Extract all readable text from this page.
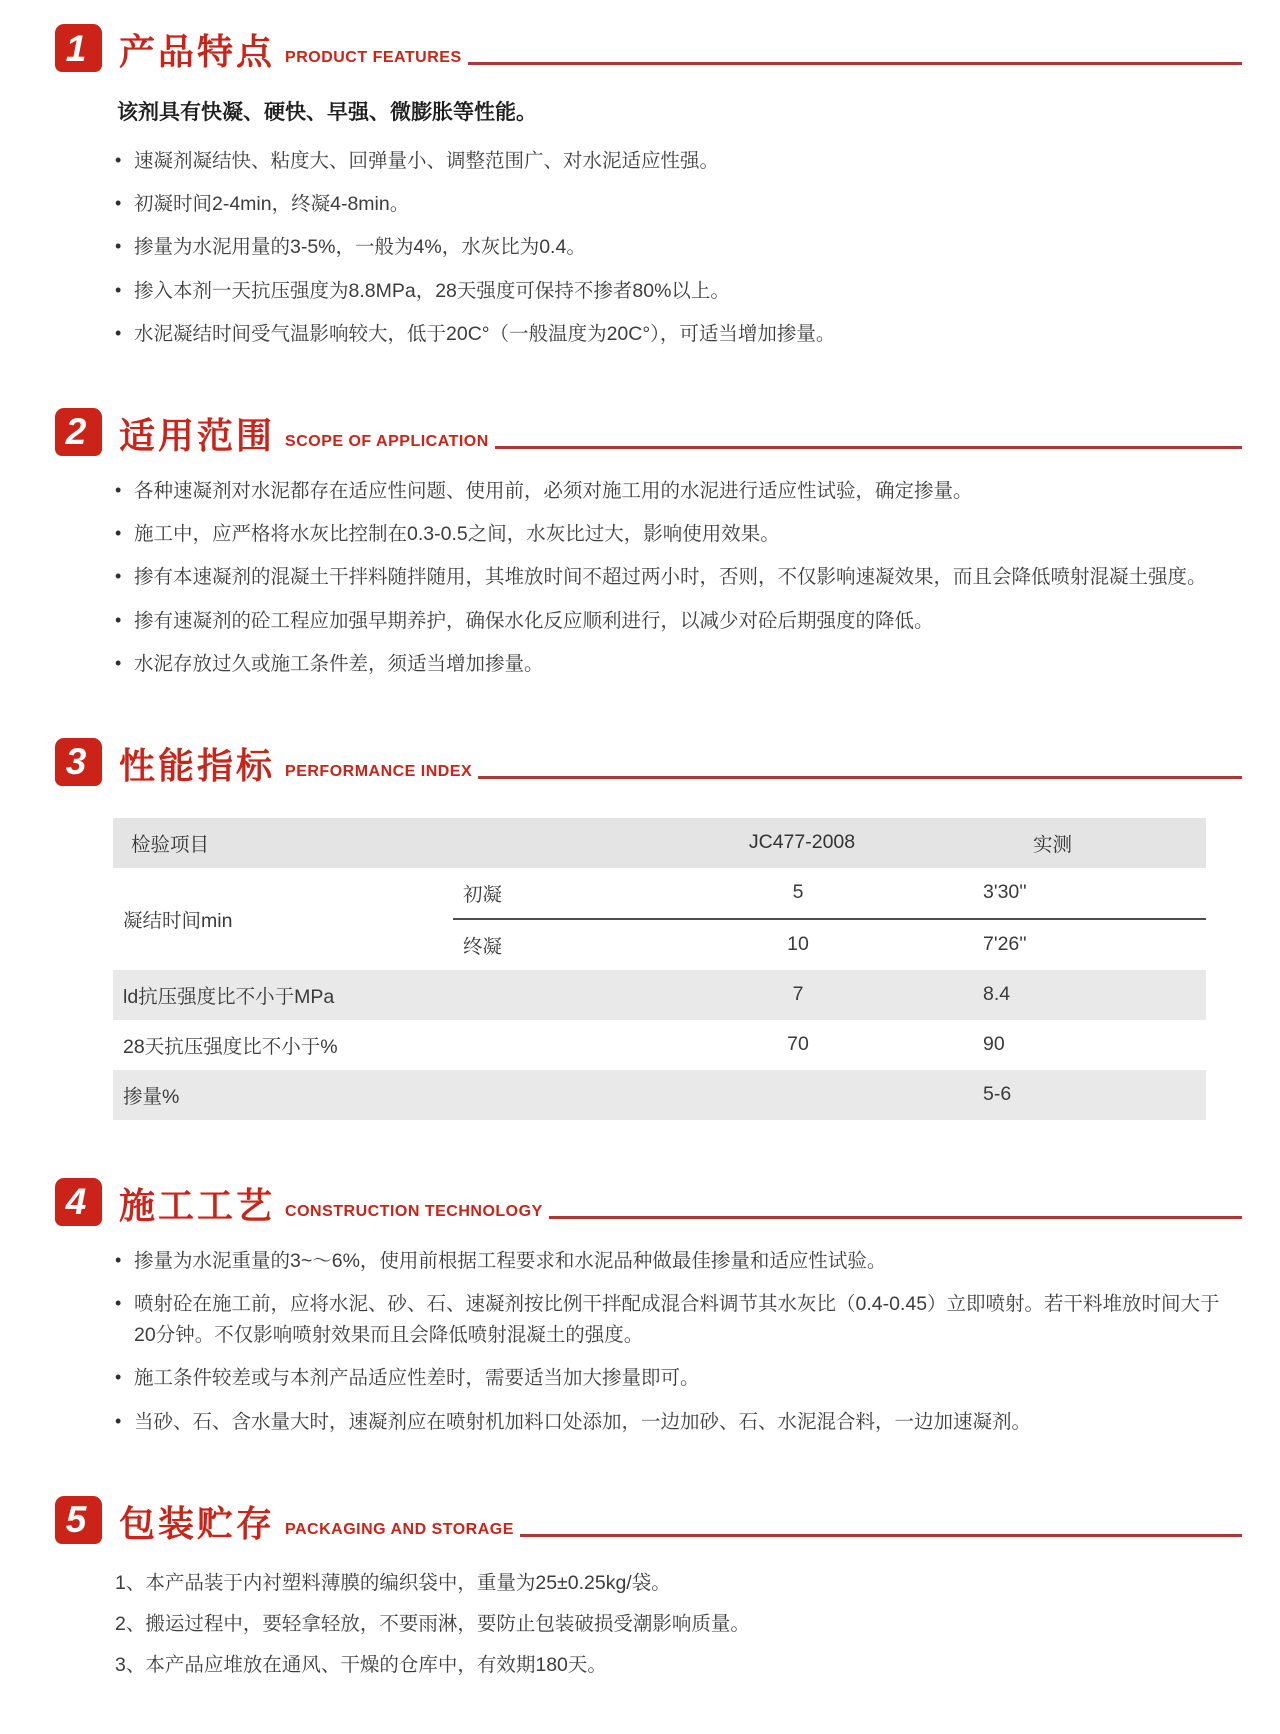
1 产品特点 PRODUCT FEATURES

该剂具有快凝、硬快、早强、微膨胀等性能。

• 速凝剂凝结快、粘度大、回弹量小、调整范围广、对水泥适应性强。
• 初凝时间2-4min，终凝4-8min。
• 掺量为水泥用量的3-5%，一般为4%，水灰比为0.4。
• 掺入本剂一天抗压强度为8.8MPa，28天强度可保持不掺者80%以上。
• 水泥凝结时间受气温影响较大，低于20C°（一般温度为20C°），可适当增加掺量。
2 适用范围 SCOPE OF APPLICATION
• 各种速凝剂对水泥都存在适应性问题、使用前，必须对施工用的水泥进行适应性试验，确定掺量。
• 施工中，应严格将水灰比控制在0.3-0.5之间，水灰比过大，影响使用效果。
• 掺有本速凝剂的混凝土干拌料随拌随用，其堆放时间不超过两小时，否则，不仅影响速凝效果，而且会降低喷射混凝土强度。
• 掺有速凝剂的砼工程应加强早期养护，确保水化反应顺利进行，以减少对砼后期强度的降低。
• 水泥存放过久或施工条件差，须适当增加掺量。
3 性能指标 PERFORMANCE INDEX
检验项目		JC477-2008	实测
凝结时间min	初凝	5	3'30''
	终凝	10	7'26''
ld抗压强度比不小于MPa		7	8.4
28天抗压强度比不小于%		70	90
掺量%			5-6
4 施工工艺 CONSTRUCTION TECHNOLOGY
• 掺量为水泥重量的3~～6%，使用前根据工程要求和水泥品种做最佳掺量和适应性试验。
• 喷射砼在施工前，应将水泥、砂、石、速凝剂按比例干拌配成混合料调节其水灰比（0.4-0.45）立即喷射。若干料堆放时间大于20分钟。不仅影响喷射效果而且会降低喷射混凝土的强度。
• 施工条件较差或与本剂产品适应性差时，需要适当加大掺量即可。
• 当砂、石、含水量大时，速凝剂应在喷射机加料口处添加，一边加砂、石、水泥混合料，一边加速凝剂。
5 包装贮存 PACKAGING AND STORAGE

1、本产品装于内衬塑料薄膜的编织袋中，重量为25±0.25kg/袋。

2、搬运过程中，要轻拿轻放，不要雨淋，要防止包装破损受潮影响质量。

3、本产品应堆放在通风、干燥的仓库中，有效期180天。
